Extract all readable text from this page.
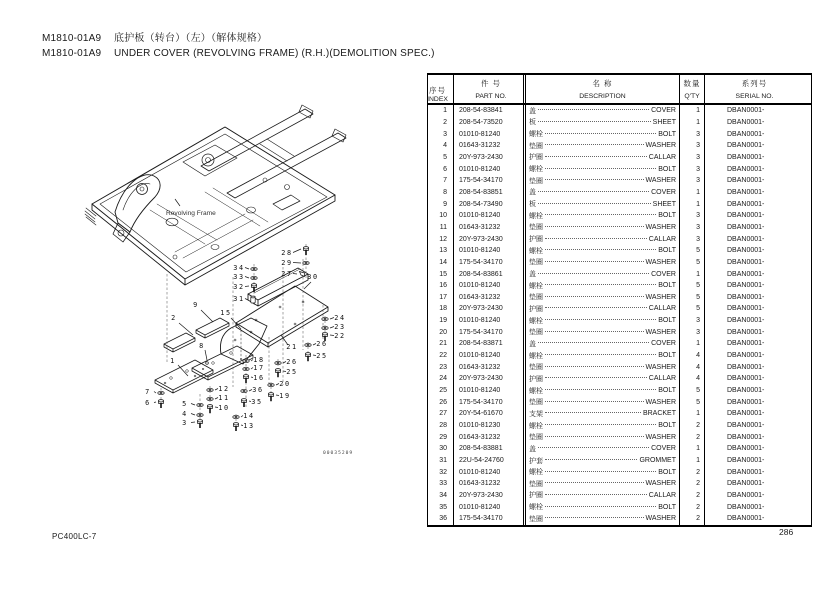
M1810-01A9 底护板（转台）（左）（解体规格）
M1810-01A9 UNDER COVER (REVOLVING FRAME) (R.H.)(DEMOLITION SPEC.)
Revolving Frame
00035209
1
2
3
4
5
6
7
8
9
10
11
12
13
14
15
16
17
18
19
20
21
22
23
24
25
26
25
26
27
28
29
30
31
32
33
34
35
36
序号
INDEX
件 号
PART NO.
名 称
DESCRIPTION
数量
Q'TY
系列号
SERIAL NO.
1	208-54-83841	盖	COVER	1	DBAN0001-
2	208-54-73520	板	SHEET	1	DBAN0001-
3	01010-81240	螺栓	BOLT	3	DBAN0001-
4	01643-31232	垫圈	WASHER	3	DBAN0001-
5	20Y-973-2430	护圈	CALLAR	3	DBAN0001-
6	01010-81240	螺栓	BOLT	3	DBAN0001-
7	175-54-34170	垫圈	WASHER	3	DBAN0001-
8	208-54-83851	盖	COVER	1	DBAN0001-
9	208-54-73490	板	SHEET	1	DBAN0001-
10	01010-81240	螺栓	BOLT	3	DBAN0001-
11	01643-31232	垫圈	WASHER	3	DBAN0001-
12	20Y-973-2430	护圈	CALLAR	3	DBAN0001-
13	01010-81240	螺栓	BOLT	5	DBAN0001-
14	175-54-34170	垫圈	WASHER	5	DBAN0001-
15	208-54-83861	盖	COVER	1	DBAN0001-
16	01010-81240	螺栓	BOLT	5	DBAN0001-
17	01643-31232	垫圈	WASHER	5	DBAN0001-
18	20Y-973-2430	护圈	CALLAR	5	DBAN0001-
19	01010-81240	螺栓	BOLT	3	DBAN0001-
20	175-54-34170	垫圈	WASHER	3	DBAN0001-
21	208-54-83871	盖	COVER	1	DBAN0001-
22	01010-81240	螺栓	BOLT	4	DBAN0001-
23	01643-31232	垫圈	WASHER	4	DBAN0001-
24	20Y-973-2430	护圈	CALLAR	4	DBAN0001-
25	01010-81240	螺栓	BOLT	5	DBAN0001-
26	175-54-34170	垫圈	WASHER	5	DBAN0001-
27	20Y-54-61670	支架	BRACKET	1	DBAN0001-
28	01010-81230	螺栓	BOLT	2	DBAN0001-
29	01643-31232	垫圈	WASHER	2	DBAN0001-
30	208-54-83881	盖	COVER	1	DBAN0001-
31	22U-54-24760	护套	GROMMET	1	DBAN0001-
32	01010-81240	螺栓	BOLT	2	DBAN0001-
33	01643-31232	垫圈	WASHER	2	DBAN0001-
34	20Y-973-2430	护圈	CALLAR	2	DBAN0001-
35	01010-81240	螺栓	BOLT	2	DBAN0001-
36	175-54-34170	垫圈	WASHER	2	DBAN0001-
PC400LC-7	286
